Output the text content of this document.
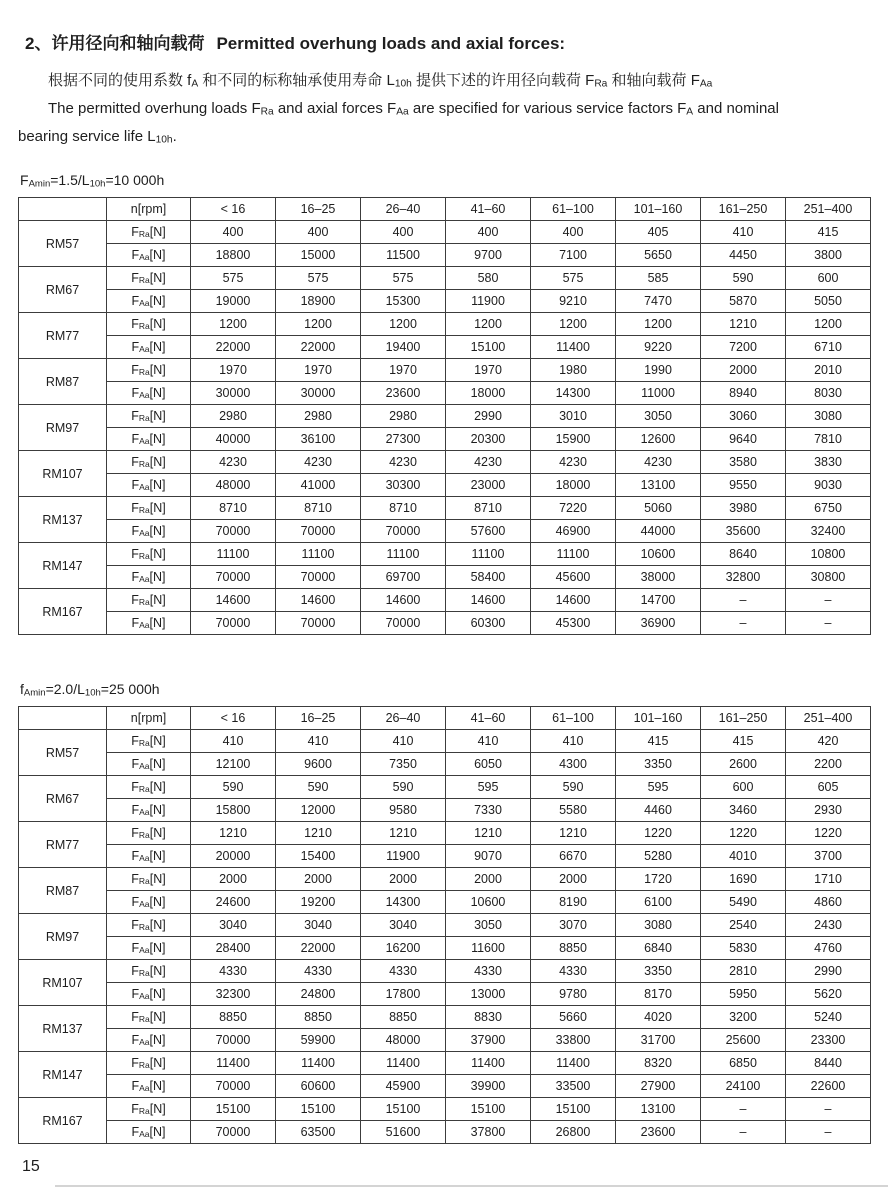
2、许用径向和轴向载荷 Permitted overhung loads and axial forces:

根据不同的使用系数 $f_A$ 和不同的标称轴承使用寿命 $L_{10h}$ 提供下述的许用径向载荷 $F_{Ra}$ 和轴向载荷 $F_{Aa}$

The permitted overhung loads $F_{Ra}$ and axial forces $F_{Aa}$ are specified for various service factors $F_A$ and nominal
bearing service life $L_{10h}$.

$F_{Amin}=1.5/L_{10h}=10$ 000h
	n[rpm]	< 16	16–25	26–40	41–60	61–100	101–160	161–250	251–400
RM57	$F_{Ra}[N]$	400	400	400	400	400	405	410	415
	$F_{Aa}[N]$	18800	15000	11500	9700	7100	5650	4450	3800
RM67	$F_{Ra}[N]$	575	575	575	580	575	585	590	600
	$F_{Aa}[N]$	19000	18900	15300	11900	9210	7470	5870	5050
RM77	$F_{Ra}[N]$	1200	1200	1200	1200	1200	1200	1210	1200
	$F_{Aa}[N]$	22000	22000	19400	15100	11400	9220	7200	6710
RM87	$F_{Ra}[N]$	1970	1970	1970	1970	1980	1990	2000	2010
	$F_{Aa}[N]$	30000	30000	23600	18000	14300	11000	8940	8030
RM97	$F_{Ra}[N]$	2980	2980	2980	2990	3010	3050	3060	3080
	$F_{Aa}[N]$	40000	36100	27300	20300	15900	12600	9640	7810
RM107	$F_{Ra}[N]$	4230	4230	4230	4230	4230	4230	3580	3830
	$F_{Aa}[N]$	48000	41000	30300	23000	18000	13100	9550	9030
RM137	$F_{Ra}[N]$	8710	8710	8710	8710	7220	5060	3980	6750
	$F_{Aa}[N]$	70000	70000	70000	57600	46900	44000	35600	32400
RM147	$F_{Ra}[N]$	11100	11100	11100	11100	11100	10600	8640	10800
	$F_{Aa}[N]$	70000	70000	69700	58400	45600	38000	32800	30800
RM167	$F_{Ra}[N]$	14600	14600	14600	14600	14600	14700	–	–
	$F_{Aa}[N]$	70000	70000	70000	60300	45300	36900	–	–
$f_{Amin}=2.0/L_{10h}=25$ 000h
	n[rpm]	< 16	16–25	26–40	41–60	61–100	101–160	161–250	251–400
RM57	$F_{Ra}[N]$	410	410	410	410	410	415	415	420
	$F_{Aa}[N]$	12100	9600	7350	6050	4300	3350	2600	2200
RM67	$F_{Ra}[N]$	590	590	590	595	590	595	600	605
	$F_{Aa}[N]$	15800	12000	9580	7330	5580	4460	3460	2930
RM77	$F_{Ra}[N]$	1210	1210	1210	1210	1210	1220	1220	1220
	$F_{Aa}[N]$	20000	15400	11900	9070	6670	5280	4010	3700
RM87	$F_{Ra}[N]$	2000	2000	2000	2000	2000	1720	1690	1710
	$F_{Aa}[N]$	24600	19200	14300	10600	8190	6100	5490	4860
RM97	$F_{Ra}[N]$	3040	3040	3040	3050	3070	3080	2540	2430
	$F_{Aa}[N]$	28400	22000	16200	11600	8850	6840	5830	4760
RM107	$F_{Ra}[N]$	4330	4330	4330	4330	4330	3350	2810	2990
	$F_{Aa}[N]$	32300	24800	17800	13000	9780	8170	5950	5620
RM137	$F_{Ra}[N]$	8850	8850	8850	8830	5660	4020	3200	5240
	$F_{Aa}[N]$	70000	59900	48000	37900	33800	31700	25600	23300
RM147	$F_{Ra}[N]$	11400	11400	11400	11400	11400	8320	6850	8440
	$F_{Aa}[N]$	70000	60600	45900	39900	33500	27900	24100	22600
RM167	$F_{Ra}[N]$	15100	15100	15100	15100	15100	13100	–	–
	$F_{Aa}[N]$	70000	63500	51600	37800	26800	23600	–	–
15
